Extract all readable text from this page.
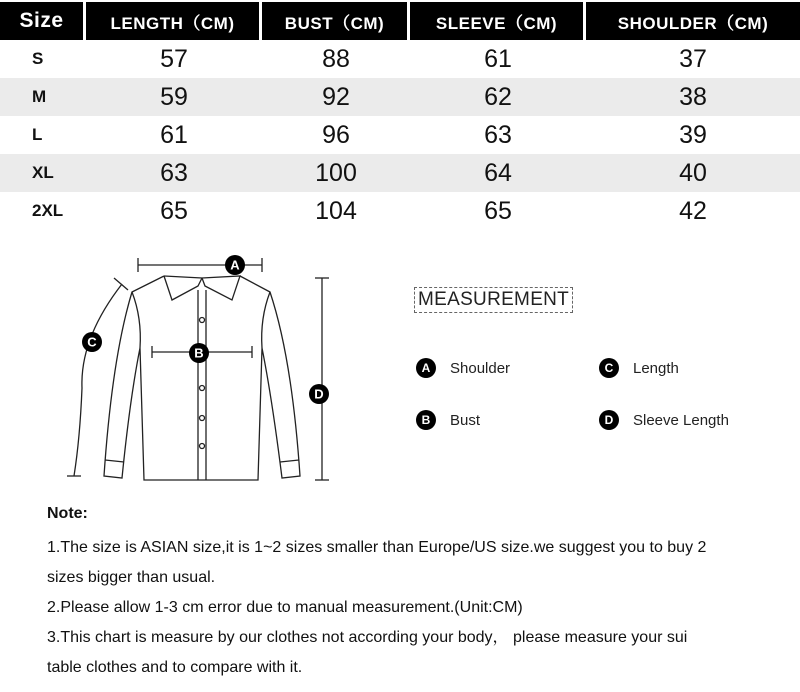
Size	LENGTH（CM)	BUST（CM)	SLEEVE（CM)	SHOULDER（CM)
S	57	88	61	37
M	59	92	62	38
L	61	96	63	39
XL	63	100	64	40
2XL	65	104	65	42
A
B
C
D
MEASUREMENT
A	Shoulder	C	Length
B	Bust	D	Sleeve Length
Note:

1.The size is ASIAN size,it is 1~2 sizes smaller than Europe/US size.we suggest you to buy 2

sizes bigger than usual.

2.Please allow 1-3 cm error due to manual measurement.(Unit:CM)

3.This chart is measure by our clothes not according your body， please measure your sui

table clothes and to compare with it.
